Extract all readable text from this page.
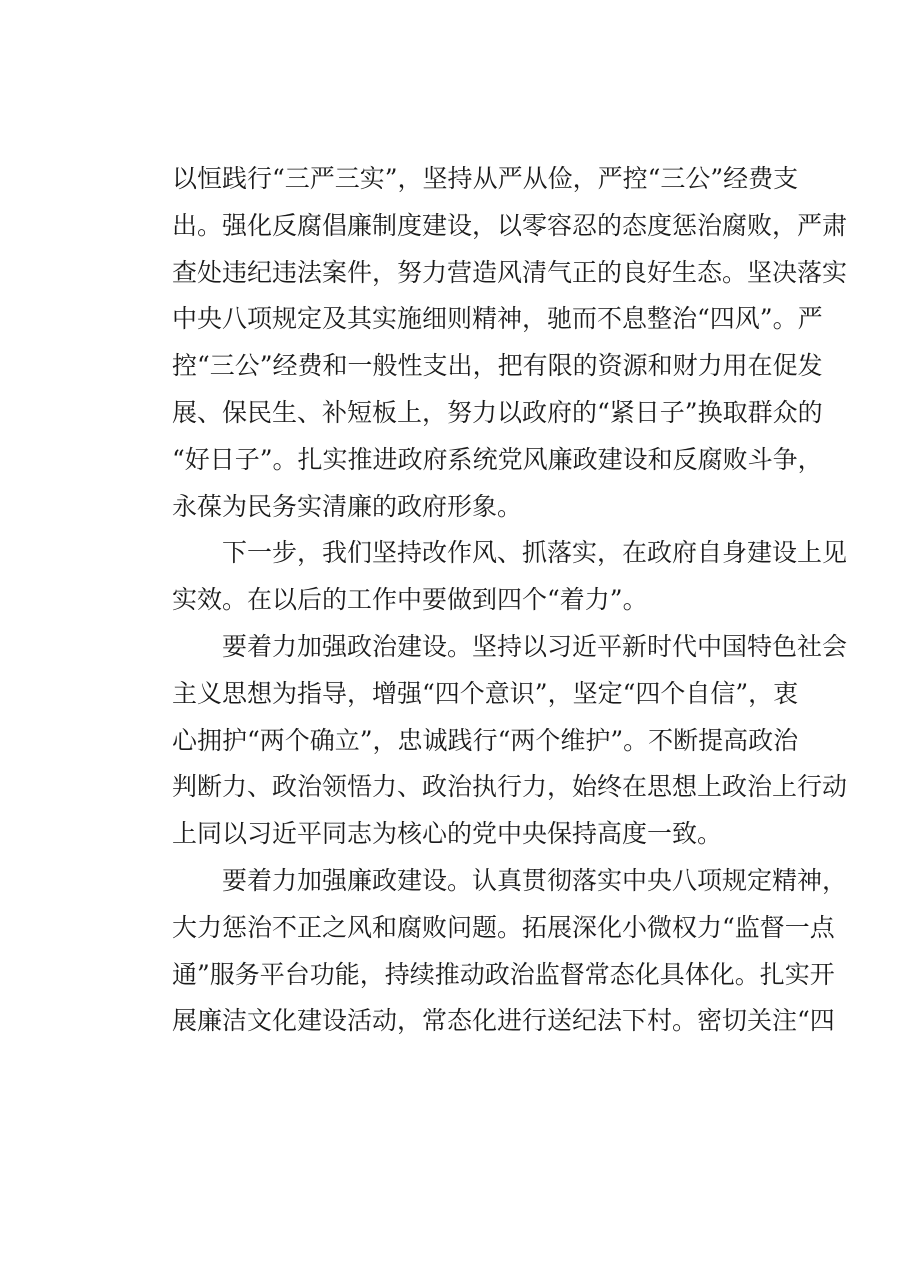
以恒践行“三严三实”，坚持从严从俭，严控“三公”经费支
出。强化反腐倡廉制度建设，以零容忍的态度惩治腐败，严肃
查处违纪违法案件，努力营造风清气正的良好生态。坚决落实
中央八项规定及其实施细则精神，驰而不息整治“四风”。严
控“三公”经费和一般性支出，把有限的资源和财力用在促发
展、保民生、补短板上，努力以政府的“紧日子”换取群众的
“好日子”。扎实推进政府系统党风廉政建设和反腐败斗争，
永葆为民务实清廉的政府形象。
　　下一步，我们坚持改作风、抓落实，在政府自身建设上见
实效。在以后的工作中要做到四个“着力”。
　　要着力加强政治建设。坚持以习近平新时代中国特色社会
主义思想为指导，增强“四个意识”，坚定“四个自信”，衷
心拥护“两个确立”，忠诚践行“两个维护”。不断提高政治
判断力、政治领悟力、政治执行力，始终在思想上政治上行动
上同以习近平同志为核心的党中央保持高度一致。
　　要着力加强廉政建设。认真贯彻落实中央八项规定精神，
大力惩治不正之风和腐败问题。拓展深化小微权力“监督一点
通”服务平台功能，持续推动政治监督常态化具体化。扎实开
展廉洁文化建设活动，常态化进行送纪法下村。密切关注“四
